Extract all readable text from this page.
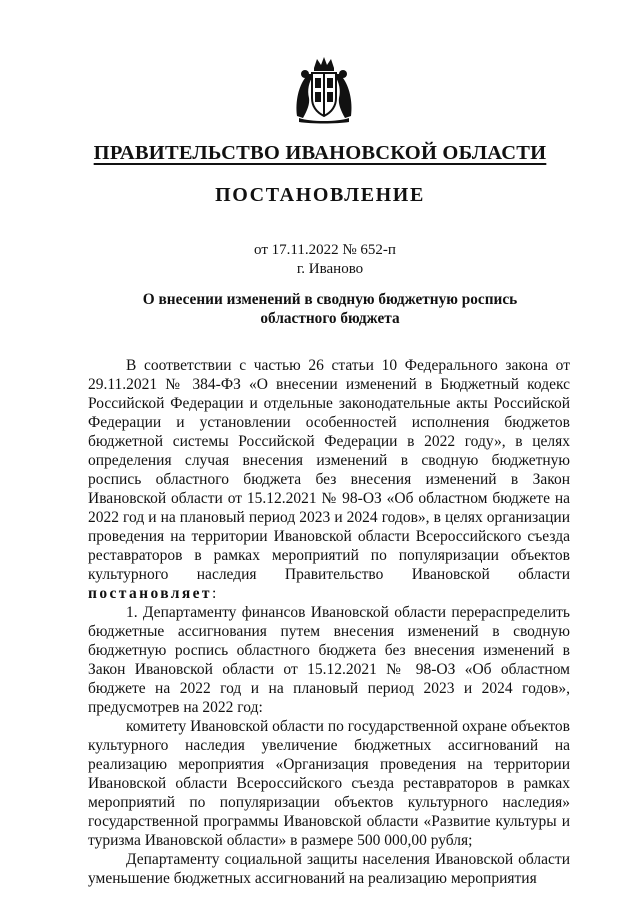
ПРАВИТЕЛЬСТВО ИВАНОВСКОЙ ОБЛАСТИ
ПОСТАНОВЛЕНИЕ
от 17.11.2022 № 652-п
г. Иваново
О внесении изменений в сводную бюджетную роспись областного бюджета

В соответствии с частью 26 статьи 10 Федерального закона от 29.11.2021 № 384-ФЗ «О внесении изменений в Бюджетный кодекс Российской Федерации и отдельные законодательные акты Российской Федерации и установлении особенностей исполнения бюджетов бюджетной системы Российской Федерации в 2022 году», в целях определения случая внесения изменений в сводную бюджетную роспись областного бюджета без внесения изменений в Закон Ивановской области от 15.12.2021 № 98-ОЗ «Об областном бюджете на 2022 год и на плановый период 2023 и 2024 годов», в целях организации проведения на территории Ивановской области Всероссийского съезда реставраторов в рамках мероприятий по популяризации объектов культурного наследия Правительство Ивановской области постановляет:

1. Департаменту финансов Ивановской области перераспределить бюджетные ассигнования путем внесения изменений в сводную бюджетную роспись областного бюджета без внесения изменений в Закон Ивановской области от 15.12.2021 № 98-ОЗ «Об областном бюджете на 2022 год и на плановый период 2023 и 2024 годов», предусмотрев на 2022 год:

комитету Ивановской области по государственной охране объектов культурного наследия увеличение бюджетных ассигнований на реализацию мероприятия «Организация проведения на территории Ивановской области Всероссийского съезда реставраторов в рамках мероприятий по популяризации объектов культурного наследия» государственной программы Ивановской области «Развитие культуры и туризма Ивановской области» в размере 500 000,00 рубля;

Департаменту социальной защиты населения Ивановской области уменьшение бюджетных ассигнований на реализацию мероприятия
